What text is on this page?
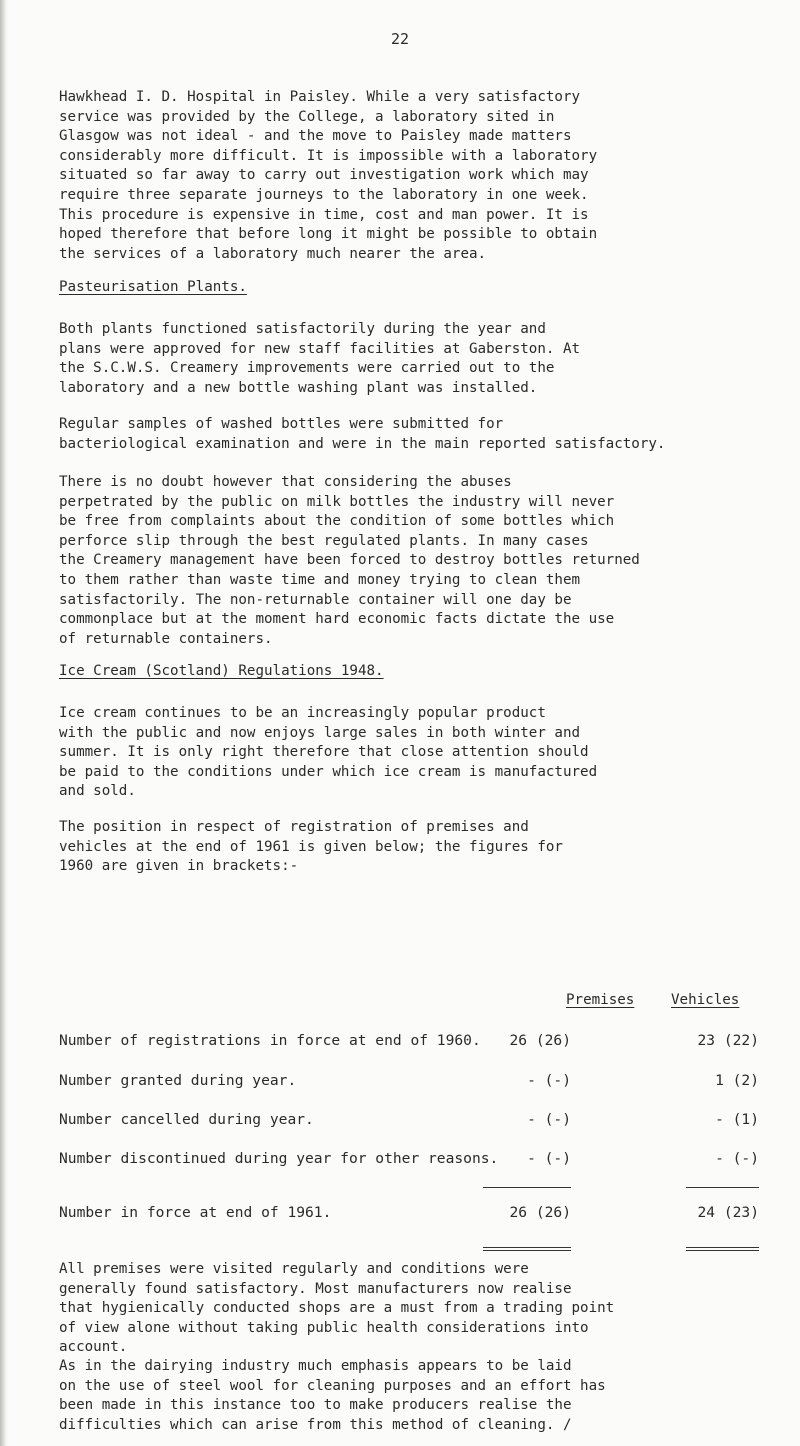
22

Hawkhead I. D. Hospital in Paisley. While a very satisfactory
service was provided by the College, a laboratory sited in
Glasgow was not ideal - and the move to Paisley made matters
considerably more difficult. It is impossible with a laboratory
situated so far away to carry out investigation work which may
require three separate journeys to the laboratory in one week.
This procedure is expensive in time, cost and man power. It is
hoped therefore that before long it might be possible to obtain
the services of a laboratory much nearer the area.

Pasteurisation Plants.

Both plants functioned satisfactorily during the year and
plans were approved for new staff facilities at Gaberston. At
the S.C.W.S. Creamery improvements were carried out to the
laboratory and a new bottle washing plant was installed.

Regular samples of washed bottles were submitted for
bacteriological examination and were in the main reported satisfactory.

There is no doubt however that considering the abuses
perpetrated by the public on milk bottles the industry will never
be free from complaints about the condition of some bottles which
perforce slip through the best regulated plants. In many cases
the Creamery management have been forced to destroy bottles returned
to them rather than waste time and money trying to clean them
satisfactorily. The non-returnable container will one day be
commonplace but at the moment hard economic facts dictate the use
of returnable containers.

Ice Cream (Scotland) Regulations 1948.

Ice cream continues to be an increasingly popular product
with the public and now enjoys large sales in both winter and
summer. It is only right therefore that close attention should
be paid to the conditions under which ice cream is manufactured
and sold.

The position in respect of registration of premises and
vehicles at the end of 1961 is given below; the figures for
1960 are given in brackets:-

Premises	Vehicles
Number of registrations in force at end of 1960. 26 (26)	23 (22)
Number granted during year.	- (-)	1 (2)
Number cancelled during year.	- (-)	- (1)
Number discontinued during year for other reasons. - (-)	- (-)
Number in force at end of 1961.	26 (26)	24 (23)

All premises were visited regularly and conditions were
generally found satisfactory. Most manufacturers now realise
that hygienically conducted shops are a must from a trading point
of view alone without taking public health considerations into
account.

As in the dairying industry much emphasis appears to be laid
on the use of steel wool for cleaning purposes and an effort has
been made in this instance too to make producers realise the
difficulties which can arise from this method of cleaning. /
